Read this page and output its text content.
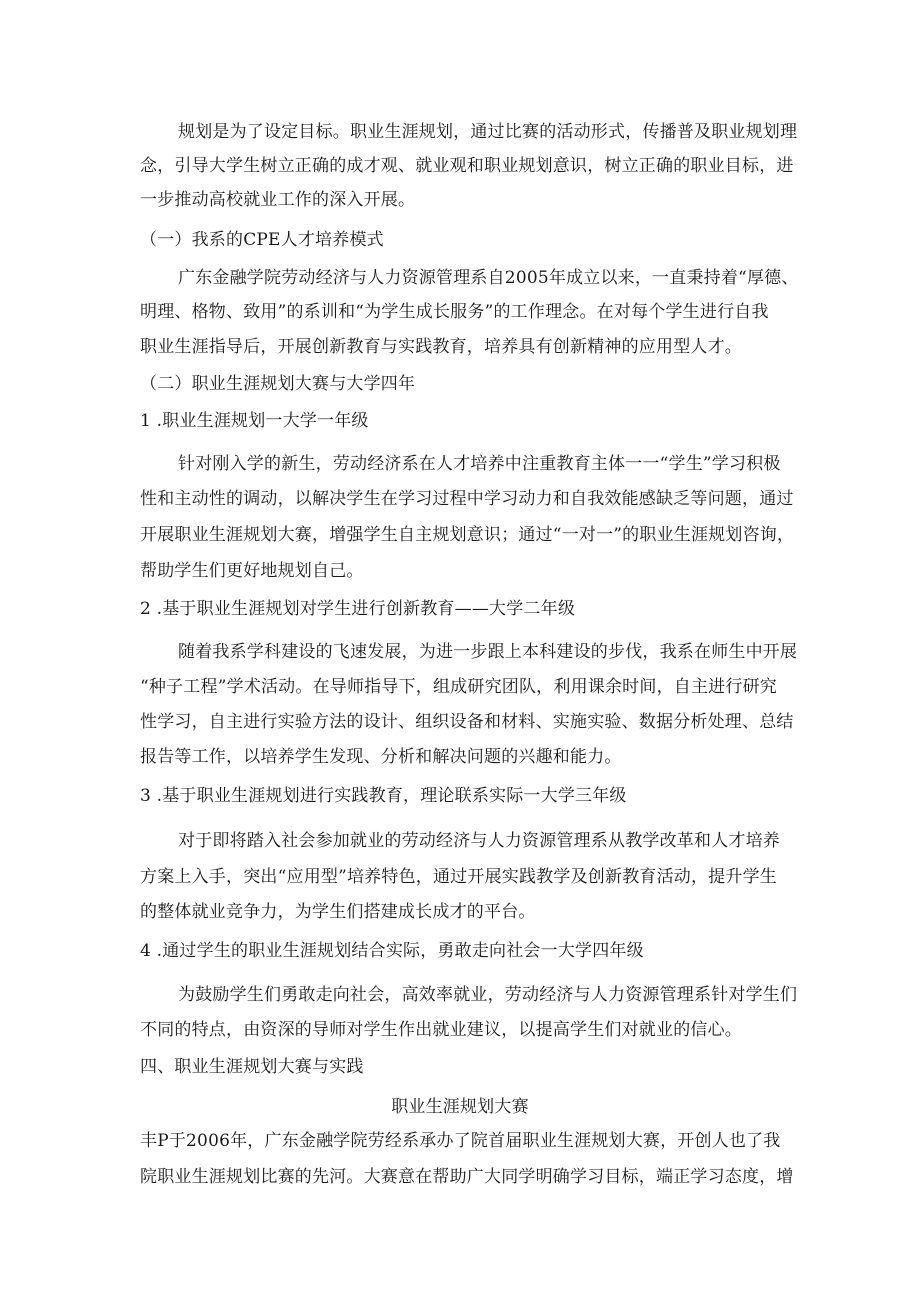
规划是为了设定目标。职业生涯规划，通过比赛的活动形式，传播普及职业规划理
念，引导大学生树立正确的成才观、就业观和职业规划意识，树立正确的职业目标，进
一步推动高校就业工作的深入开展。
（一）我系的CPE人才培养模式
广东金融学院劳动经济与人力资源管理系自2005年成立以来，一直秉持着“厚德、
明理、格物、致用”的系训和“为学生成长服务”的工作理念。在对每个学生进行自我
职业生涯指导后，开展创新教育与实践教育，培养具有创新精神的应用型人才。
（二）职业生涯规划大赛与大学四年
1 .职业生涯规划一大学一年级
针对刚入学的新生，劳动经济系在人才培养中注重教育主体一一“学生”学习积极
性和主动性的调动，以解决学生在学习过程中学习动力和自我效能感缺乏等问题，通过
开展职业生涯规划大赛，增强学生自主规划意识；通过“一对一”的职业生涯规划咨询，
帮助学生们更好地规划自己。
2 .基于职业生涯规划对学生进行创新教育——大学二年级
随着我系学科建设的飞速发展，为进一步跟上本科建设的步伐，我系在师生中开展
“种子工程”学术活动。在导师指导下，组成研究团队，利用课余时间，自主进行研究
性学习，自主进行实验方法的设计、组织设备和材料、实施实验、数据分析处理、总结
报告等工作，以培养学生发现、分析和解决问题的兴趣和能力。
3 .基于职业生涯规划进行实践教育，理论联系实际一大学三年级
对于即将踏入社会参加就业的劳动经济与人力资源管理系从教学改革和人才培养
方案上入手，突出“应用型”培养特色，通过开展实践教学及创新教育活动，提升学生
的整体就业竞争力，为学生们搭建成长成才的平台。
4 .通过学生的职业生涯规划结合实际，勇敢走向社会一大学四年级
为鼓励学生们勇敢走向社会，高效率就业，劳动经济与人力资源管理系针对学生们
不同的特点，由资深的导师对学生作出就业建议，以提高学生们对就业的信心。
四、职业生涯规划大赛与实践
职业生涯规划大赛
丰P于2006年，广东金融学院劳经系承办了院首届职业生涯规划大赛，开创人也了我
院职业生涯规划比赛的先河。大赛意在帮助广大同学明确学习目标，端正学习态度，增
